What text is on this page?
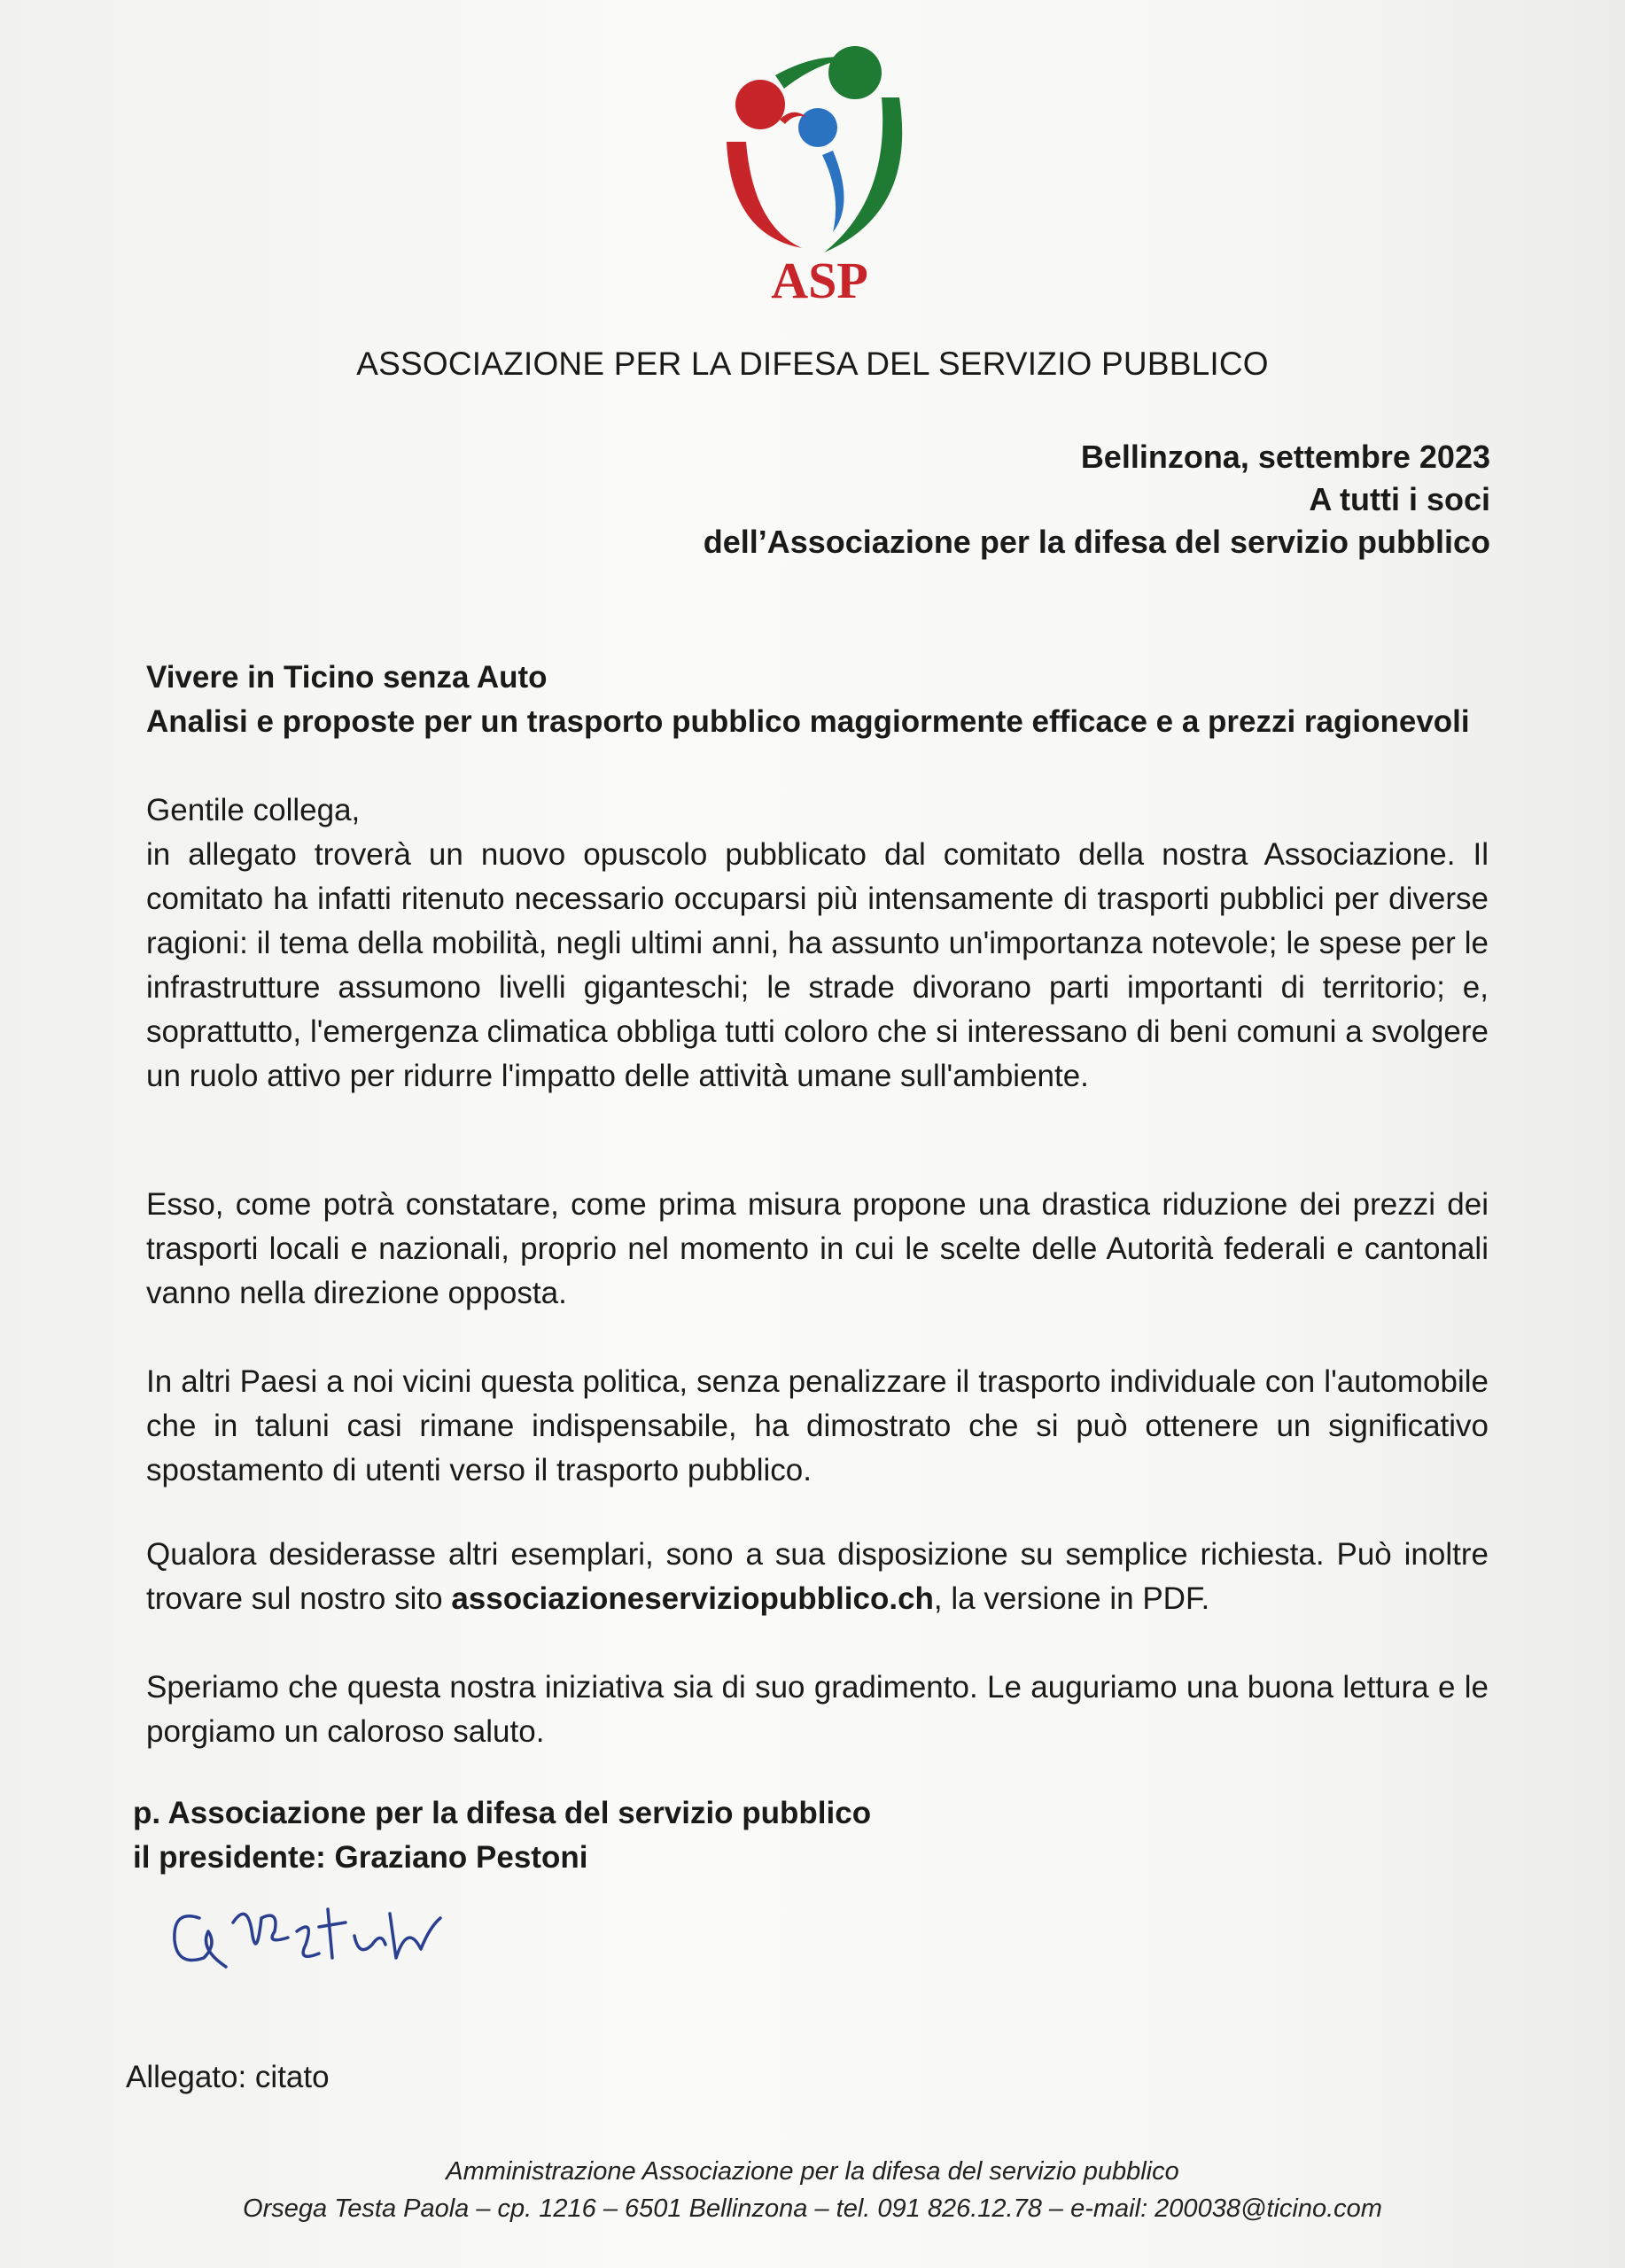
ASP
ASSOCIAZIONE PER LA DIFESA DEL SERVIZIO PUBBLICO
Bellinzona, settembre 2023
A tutti i soci
dell’Associazione per la difesa del servizio pubblico
Vivere in Ticino senza Auto
Analisi e proposte per un trasporto pubblico maggiormente efficace e a prezzi ragionevoli
Gentile collega,

in allegato troverà un nuovo opuscolo pubblicato dal comitato della nostra Associazione. Il comitato ha infatti ritenuto necessario occuparsi più intensamente di trasporti pubblici per diverse ragioni: il tema della mobilità, negli ultimi anni, ha assunto un'importanza notevole; le spese per le infrastrutture assumono livelli giganteschi; le strade divorano parti importanti di territorio; e, soprattutto, l'emergenza climatica obbliga tutti coloro che si interessano di beni comuni a svolgere un ruolo attivo per ridurre l'impatto delle attività umane sull'ambiente.

Esso, come potrà constatare, come prima misura propone una drastica riduzione dei prezzi dei trasporti locali e nazionali, proprio nel momento in cui le scelte delle Autorità federali e cantonali vanno nella direzione opposta.

In altri Paesi a noi vicini questa politica, senza penalizzare il trasporto individuale con l'automobile che in taluni casi rimane indispensabile, ha dimostrato che si può ottenere un significativo spostamento di utenti verso il trasporto pubblico.

Qualora desiderasse altri esemplari, sono a sua disposizione su semplice richiesta. Può inoltre trovare sul nostro sito associazioneserviziopubblico.ch, la versione in PDF.

Speriamo che questa nostra iniziativa sia di suo gradimento. Le auguriamo una buona lettura e le porgiamo un caloroso saluto.

p. Associazione per la difesa del servizio pubblico
il presidente: Graziano Pestoni
Allegato: citato
Amministrazione Associazione per la difesa del servizio pubblico
Orsega Testa Paola – cp. 1216 – 6501 Bellinzona – tel. 091 826.12.78 – e-mail: 200038@ticino.com
